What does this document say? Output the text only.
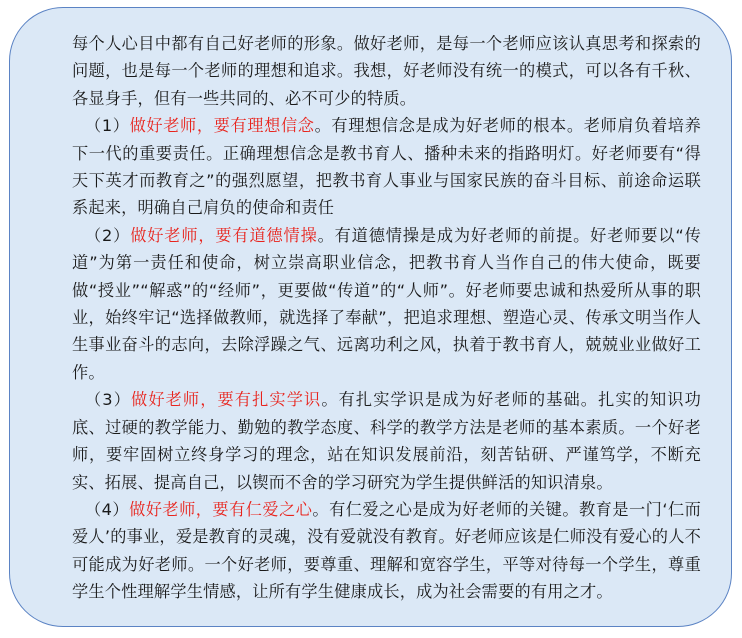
每个人心目中都有自己好老师的形象。做好老师，是每一个老师应该认真思考和探索的问题，也是每一个老师的理想和追求。我想，好老师没有统一的模式，可以各有千秋、各显身手，但有一些共同的、必不可少的特质。

（1）做好老师，要有理想信念。有理想信念是成为好老师的根本。老师肩负着培养下一代的重要责任。正确理想信念是教书育人、播种未来的指路明灯。好老师要有“得天下英才而教育之”的强烈愿望，把教书育人事业与国家民族的奋斗目标、前途命运联系起来，明确自己肩负的使命和责任

（2）做好老师，要有道德情操。有道德情操是成为好老师的前提。好老师要以“传道”为第一责任和使命，树立崇高职业信念，把教书育人当作自己的伟大使命，既要做“授业”“解惑”的“经师”，更要做“传道”的“人师”。好老师要忠诚和热爱所从事的职业，始终牢记“选择做教师，就选择了奉献”，把追求理想、塑造心灵、传承文明当作人生事业奋斗的志向，去除浮躁之气、远离功利之风，执着于教书育人，兢兢业业做好工作。

（3）做好老师，要有扎实学识。有扎实学识是成为好老师的基础。扎实的知识功底、过硬的教学能力、勤勉的教学态度、科学的教学方法是老师的基本素质。一个好老师，要牢固树立终身学习的理念，站在知识发展前沿，刻苦钻研、严谨笃学，不断充实、拓展、提高自己，以锲而不舍的学习研究为学生提供鲜活的知识清泉。

（4）做好老师，要有仁爱之心。有仁爱之心是成为好老师的关键。教育是一门‘仁而爱人’的事业，爱是教育的灵魂，没有爱就没有教育。好老师应该是仁师没有爱心的人不可能成为好老师。一个好老师，要尊重、理解和宽容学生，平等对待每一个学生，尊重学生个性理解学生情感，让所有学生健康成长，成为社会需要的有用之才。
